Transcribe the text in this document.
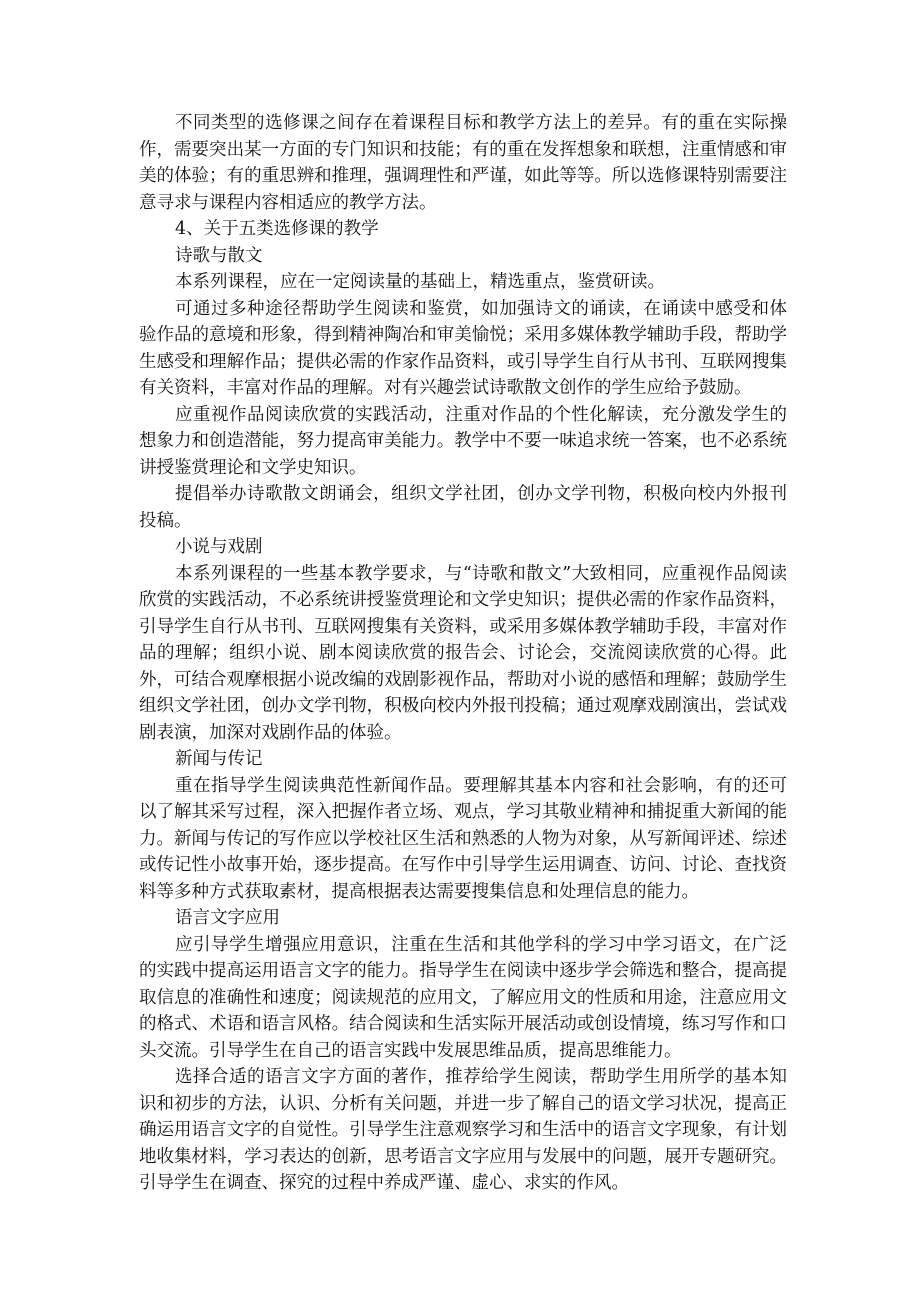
不同类型的选修课之间存在着课程目标和教学方法上的差异。有的重在实际操作，需要突出某一方面的专门知识和技能；有的重在发挥想象和联想，注重情感和审美的体验；有的重思辨和推理，强调理性和严谨，如此等等。所以选修课特别需要注意寻求与课程内容相适应的教学方法。

4、关于五类选修课的教学

诗歌与散文

本系列课程，应在一定阅读量的基础上，精选重点，鉴赏研读。

可通过多种途径帮助学生阅读和鉴赏，如加强诗文的诵读，在诵读中感受和体验作品的意境和形象，得到精神陶冶和审美愉悦；采用多媒体教学辅助手段，帮助学生感受和理解作品；提供必需的作家作品资料，或引导学生自行从书刊、互联网搜集有关资料，丰富对作品的理解。对有兴趣尝试诗歌散文创作的学生应给予鼓励。

应重视作品阅读欣赏的实践活动，注重对作品的个性化解读，充分激发学生的想象力和创造潜能，努力提高审美能力。教学中不要一味追求统一答案，也不必系统讲授鉴赏理论和文学史知识。

提倡举办诗歌散文朗诵会，组织文学社团，创办文学刊物，积极向校内外报刊投稿。

小说与戏剧

本系列课程的一些基本教学要求，与“诗歌和散文”大致相同，应重视作品阅读欣赏的实践活动，不必系统讲授鉴赏理论和文学史知识；提供必需的作家作品资料，引导学生自行从书刊、互联网搜集有关资料，或采用多媒体教学辅助手段，丰富对作品的理解；组织小说、剧本阅读欣赏的报告会、讨论会，交流阅读欣赏的心得。此外，可结合观摩根据小说改编的戏剧影视作品，帮助对小说的感悟和理解；鼓励学生组织文学社团，创办文学刊物，积极向校内外报刊投稿；通过观摩戏剧演出，尝试戏剧表演，加深对戏剧作品的体验。

新闻与传记

重在指导学生阅读典范性新闻作品。要理解其基本内容和社会影响，有的还可以了解其采写过程，深入把握作者立场、观点，学习其敬业精神和捕捉重大新闻的能力。新闻与传记的写作应以学校社区生活和熟悉的人物为对象，从写新闻评述、综述或传记性小故事开始，逐步提高。在写作中引导学生运用调查、访问、讨论、查找资料等多种方式获取素材，提高根据表达需要搜集信息和处理信息的能力。

语言文字应用

应引导学生增强应用意识，注重在生活和其他学科的学习中学习语文，在广泛的实践中提高运用语言文字的能力。指导学生在阅读中逐步学会筛选和整合，提高提取信息的准确性和速度；阅读规范的应用文，了解应用文的性质和用途，注意应用文的格式、术语和语言风格。结合阅读和生活实际开展活动或创设情境，练习写作和口头交流。引导学生在自己的语言实践中发展思维品质，提高思维能力。

选择合适的语言文字方面的著作，推荐给学生阅读，帮助学生用所学的基本知识和初步的方法，认识、分析有关问题，并进一步了解自己的语文学习状况，提高正确运用语言文字的自觉性。引导学生注意观察学习和生活中的语言文字现象，有计划地收集材料，学习表达的创新，思考语言文字应用与发展中的问题，展开专题研究。引导学生在调查、探究的过程中养成严谨、虚心、求实的作风。
